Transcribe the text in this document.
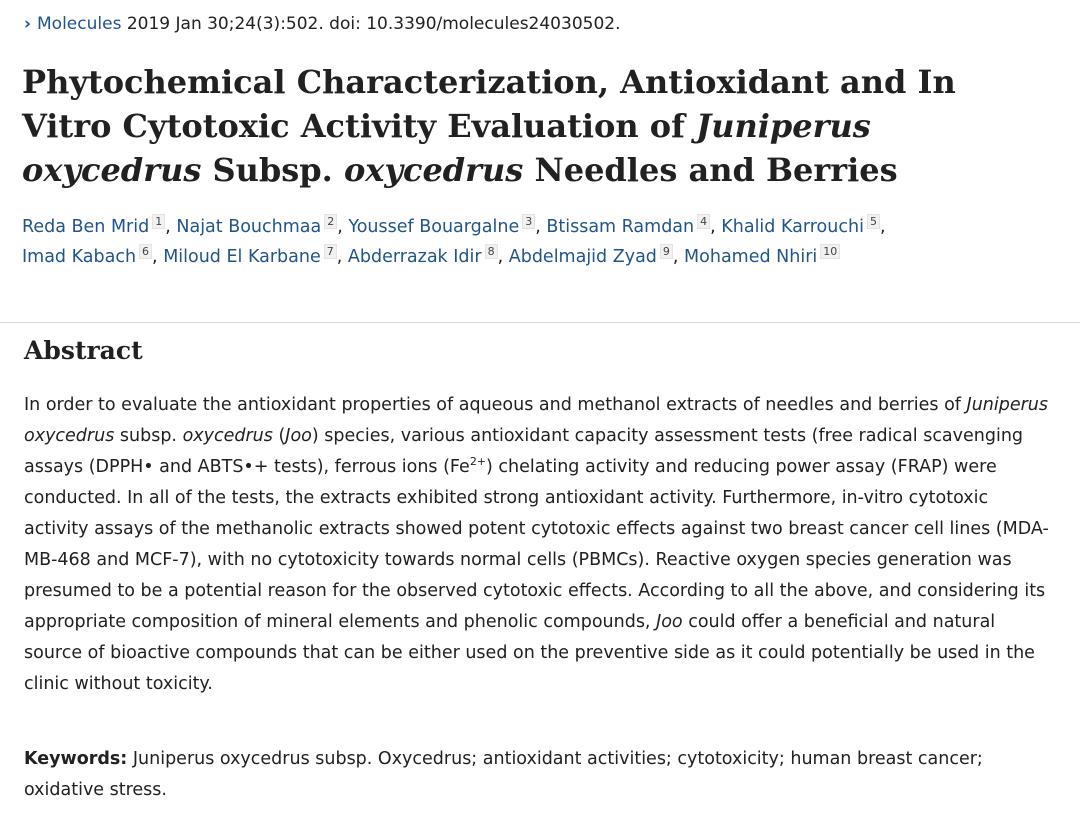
› Molecules 2019 Jan 30;24(3):502. doi: 10.3390/molecules24030502.
Phytochemical Characterization, Antioxidant and In Vitro Cytotoxic Activity Evaluation of Juniperus oxycedrus Subsp. oxycedrus Needles and Berries
Reda Ben Mrid $^1$ , Najat Bouchmaa $^2$ , Youssef Bouargalne $^3$ , Btissam Ramdan $^4$ , Khalid Karrouchi $^5$ ,
Imad Kabach $^6$ , Miloud El Karbane $^7$ , Abderrazak Idir $^8$ , Abdelmajid Zyad $^9$ , Mohamed Nhiri $^{10}$
Abstract

In order to evaluate the antioxidant properties of aqueous and methanol extracts of needles and berries of Juniperus oxycedrus subsp. oxycedrus (Joo) species, various antioxidant capacity assessment tests (free radical scavenging assays (DPPH• and ABTS•+ tests), ferrous ions $(Fe^{2+})$ chelating activity and reducing power assay (FRAP) were conducted. In all of the tests, the extracts exhibited strong antioxidant activity. Furthermore, in-vitro cytotoxic activity assays of the methanolic extracts showed potent cytotoxic effects against two breast cancer cell lines (MDA-MB-468 and MCF-7), with no cytotoxicity towards normal cells (PBMCs). Reactive oxygen species generation was presumed to be a potential reason for the observed cytotoxic effects. According to all the above, and considering its appropriate composition of mineral elements and phenolic compounds, Joo could offer a beneficial and natural source of bioactive compounds that can be either used on the preventive side as it could potentially be used in the clinic without toxicity.

Keywords: Juniperus oxycedrus subsp. Oxycedrus; antioxidant activities; cytotoxicity; human breast cancer; oxidative stress.
